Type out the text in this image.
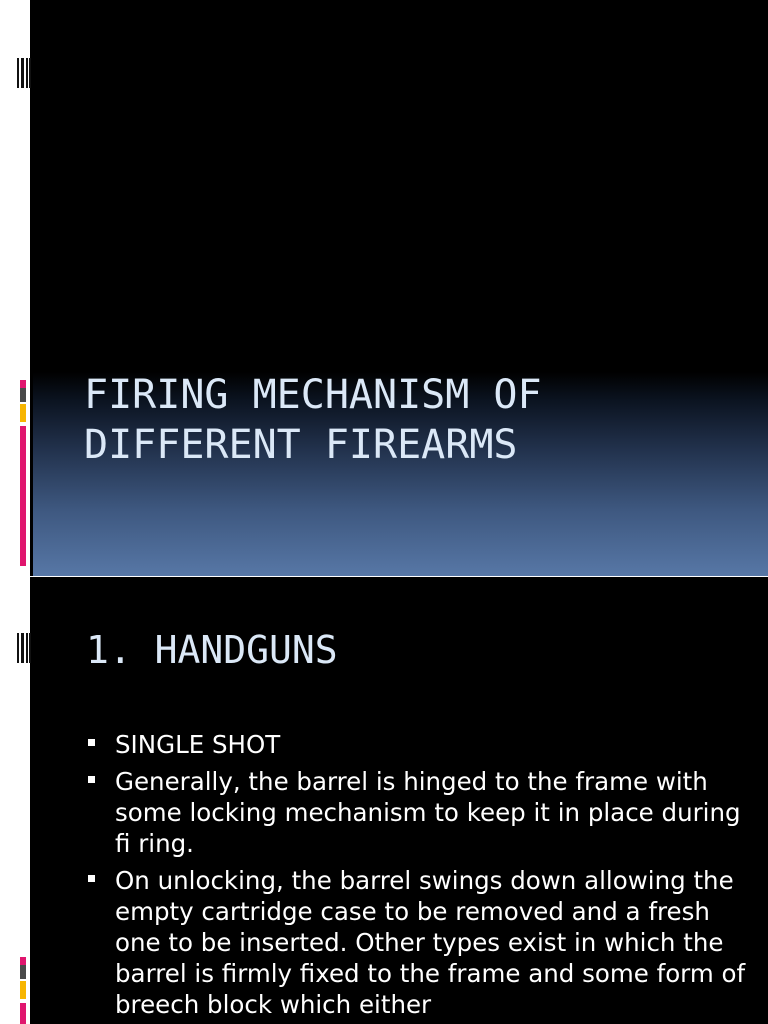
FIRING MECHANISM OF
DIFFERENT FIREARMS
1. HANDGUNS
SINGLE SHOT
Generally, the barrel is hinged to the frame with some locking mechanism to keep it in place during fi ring.
On unlocking, the barrel swings down allowing the empty cartridge case to be removed and a fresh one to be inserted. Other types exist in which the barrel is firmly fixed to the frame and some form of breech block which either
